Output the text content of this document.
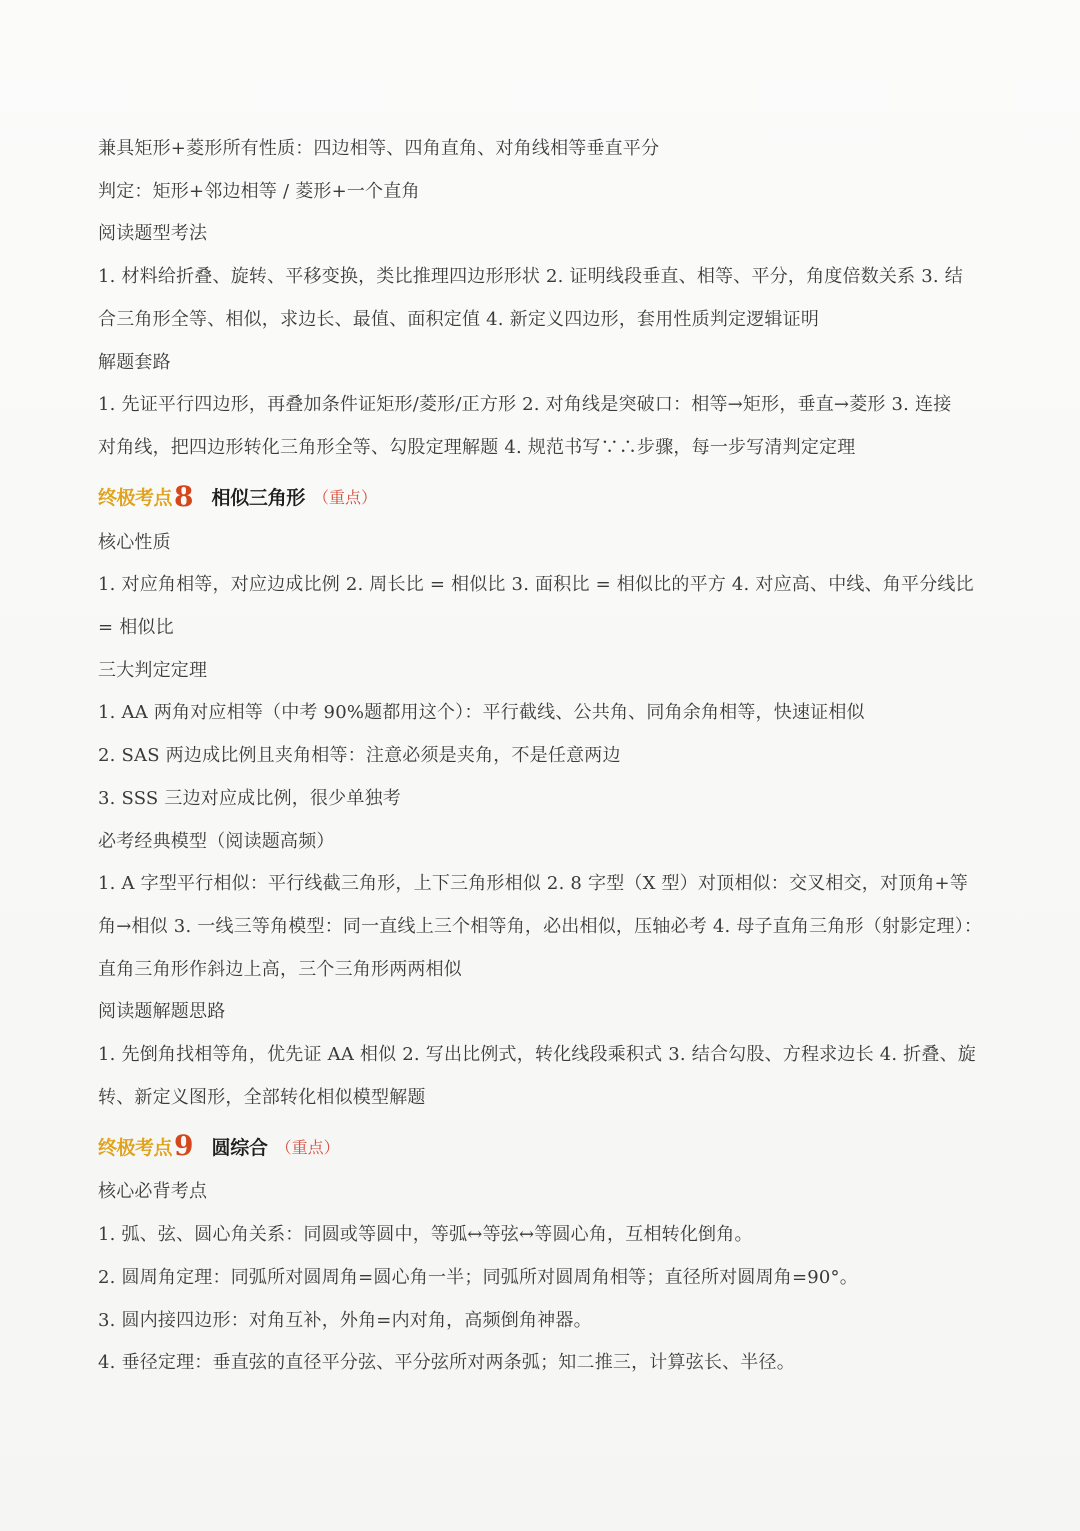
兼具矩形+菱形所有性质：四边相等、四角直角、对角线相等垂直平分
判定：矩形+邻边相等 / 菱形+一个直角
阅读题型考法
1. 材料给折叠、旋转、平移变换，类比推理四边形形状 2. 证明线段垂直、相等、平分，角度倍数关系 3. 结
合三角形全等、相似，求边长、最值、面积定值 4. 新定义四边形，套用性质判定逻辑证明
解题套路
1. 先证平行四边形，再叠加条件证矩形/菱形/正方形 2. 对角线是突破口：相等→矩形，垂直→菱形 3. 连接
对角线，把四边形转化三角形全等、勾股定理解题 4. 规范书写∵∴步骤，每一步写清判定定理
终极考点 8 相似三角形 （重点）
核心性质
1. 对应角相等，对应边成比例 2. 周长比 = 相似比 3. 面积比 = 相似比的平方 4. 对应高、中线、角平分线比
= 相似比
三大判定定理
1. AA 两角对应相等（中考 90%题都用这个）：平行截线、公共角、同角余角相等，快速证相似
2. SAS 两边成比例且夹角相等：注意必须是夹角，不是任意两边
3. SSS 三边对应成比例，很少单独考
必考经典模型（阅读题高频）
1. A 字型平行相似：平行线截三角形，上下三角形相似 2. 8 字型（X 型）对顶相似：交叉相交，对顶角+等
角→相似 3. 一线三等角模型：同一直线上三个相等角，必出相似，压轴必考 4. 母子直角三角形（射影定理）：
直角三角形作斜边上高，三个三角形两两相似
阅读题解题思路
1. 先倒角找相等角，优先证 AA 相似 2. 写出比例式，转化线段乘积式 3. 结合勾股、方程求边长 4. 折叠、旋
转、新定义图形，全部转化相似模型解题
终极考点 9 圆综合 （重点）
核心必背考点
1. 弧、弦、圆心角关系：同圆或等圆中，等弧↔等弦↔等圆心角，互相转化倒角。
2. 圆周角定理：同弧所对圆周角=圆心角一半；同弧所对圆周角相等；直径所对圆周角=90°。
3. 圆内接四边形：对角互补，外角=内对角，高频倒角神器。
4. 垂径定理：垂直弦的直径平分弦、平分弦所对两条弧；知二推三，计算弦长、半径。
